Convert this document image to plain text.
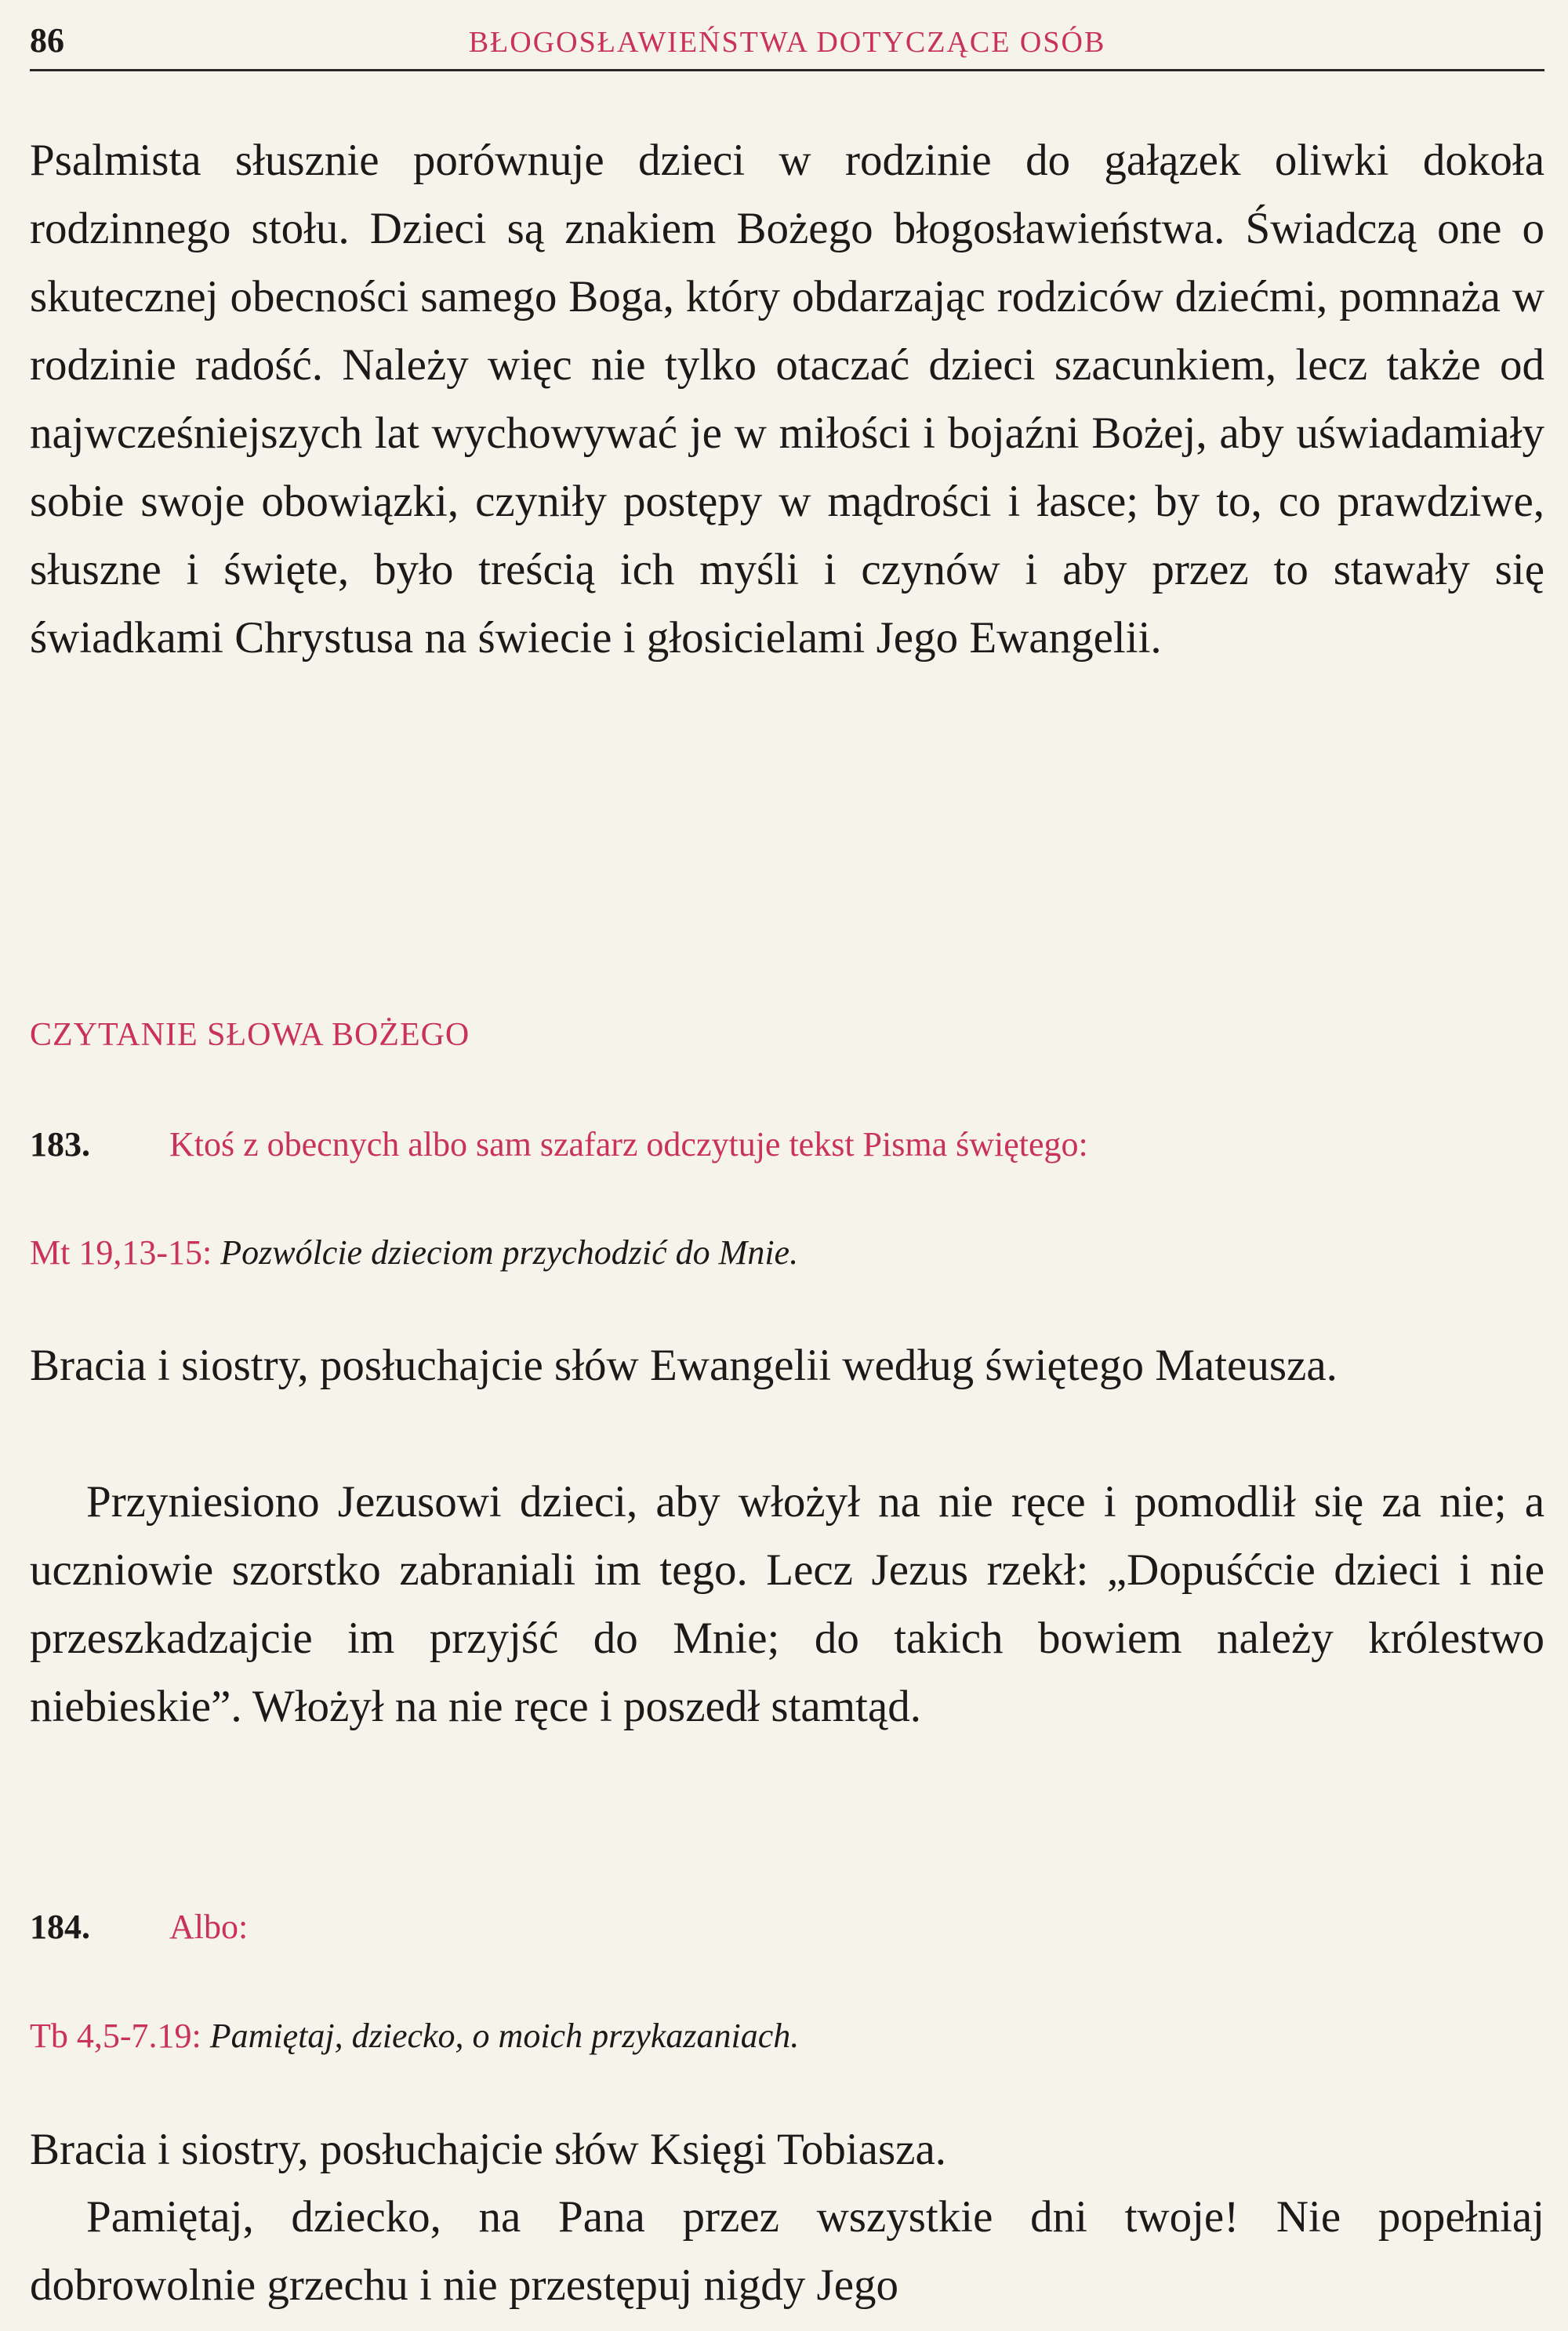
86	BŁOGOSŁAWIEŃSTWA DOTYCZĄCE OSÓB

Psalmista słusznie porównuje dzieci w rodzinie do gałązek oliwki dokoła rodzinnego stołu. Dzieci są znakiem Bożego błogosławieństwa. Świadczą one o skutecznej obecności samego Boga, który obdarzając rodziców dziećmi, pomnaża w rodzinie radość. Należy więc nie tylko otaczać dzieci szacunkiem, lecz także od najwcześniejszych lat wychowywać je w miłości i bojaźni Bożej, aby uświadamiały sobie swoje obowiązki, czyniły postępy w mądrości i łasce; by to, co prawdziwe, słuszne i święte, było treścią ich myśli i czynów i aby przez to stawały się świadkami Chrystusa na świecie i głosicielami Jego Ewangelii.

CZYTANIE SŁOWA BOŻEGO
183. Ktoś z obecnych albo sam szafarz odczytuje tekst Pisma świętego:
Mt 19,13-15: Pozwólcie dzieciom przychodzić do Mnie.

Bracia i siostry, posłuchajcie słów Ewangelii według świętego Mateusza.

Przyniesiono Jezusowi dzieci, aby włożył na nie ręce i pomodlił się za nie; a uczniowie szorstko zabraniali im tego. Lecz Jezus rzekł: „Dopuśćcie dzieci i nie przeszkadzajcie im przyjść do Mnie; do takich bowiem należy królestwo niebieskie”. Włożył na nie ręce i poszedł stamtąd.

184. Albo:
Tb 4,5-7.19: Pamiętaj, dziecko, o moich przykazaniach.

Bracia i siostry, posłuchajcie słów Księgi Tobiasza.

Pamiętaj, dziecko, na Pana przez wszystkie dni twoje! Nie popełniaj dobrowolnie grzechu i nie przestępuj nigdy Jego
